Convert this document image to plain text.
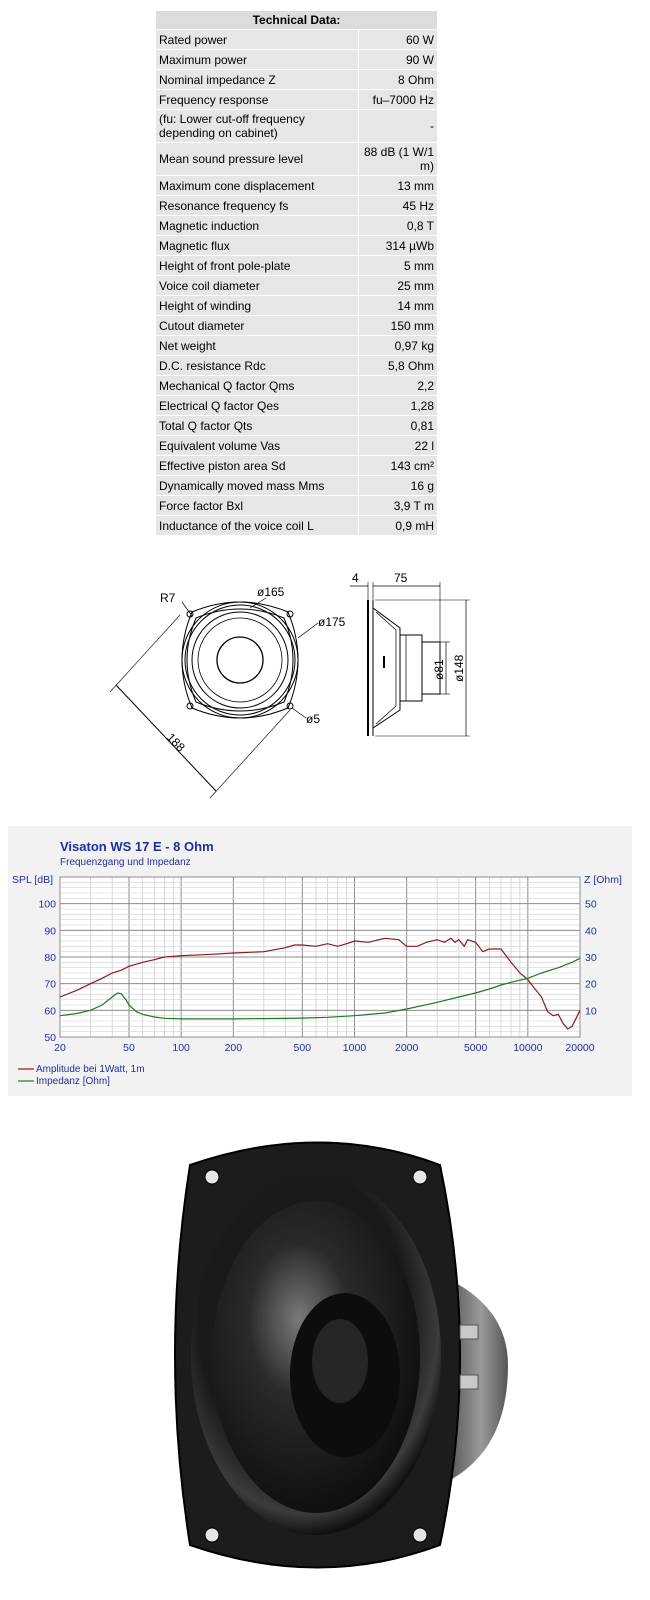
Technical Data:	
Rated power	60 W
Maximum power	90 W
Nominal impedance Z	8 Ohm
Frequency response	fu–7000 Hz
(fu: Lower cut-off frequency depending on cabinet)	-
Mean sound pressure level	88 dB (1 W/1 m)
Maximum cone displacement	13 mm
Resonance frequency fs	45 Hz
Magnetic induction	0,8 T
Magnetic flux	314 µWb
Height of front pole-plate	5 mm
Voice coil diameter	25 mm
Height of winding	14 mm
Cutout diameter	150 mm
Net weight	0,97 kg
D.C. resistance Rdc	5,8 Ohm
Mechanical Q factor Qms	2,2
Electrical Q factor Qes	1,28
Total Q factor Qts	0,81
Equivalent volume Vas	22 l
Effective piston area Sd	143 cm²
Dynamically moved mass Mms	16 g
Force factor Bxl	3,9 T m
Inductance of the voice coil L	0,9 mH
R7	ø165
ø175
ø5
188
4	75
ø81 ø148
Visaton WS 17 E - 8 Ohm
Frequenzgang und Impedanz
SPL [dB]	Z [Ohm]
20	50	100	200	500	1000	2000	5000 10000 20000
100
90
80
70
60
50
50
40
30
20
10
Amplitude bei 1Watt, 1m
Impedanz [Ohm]
